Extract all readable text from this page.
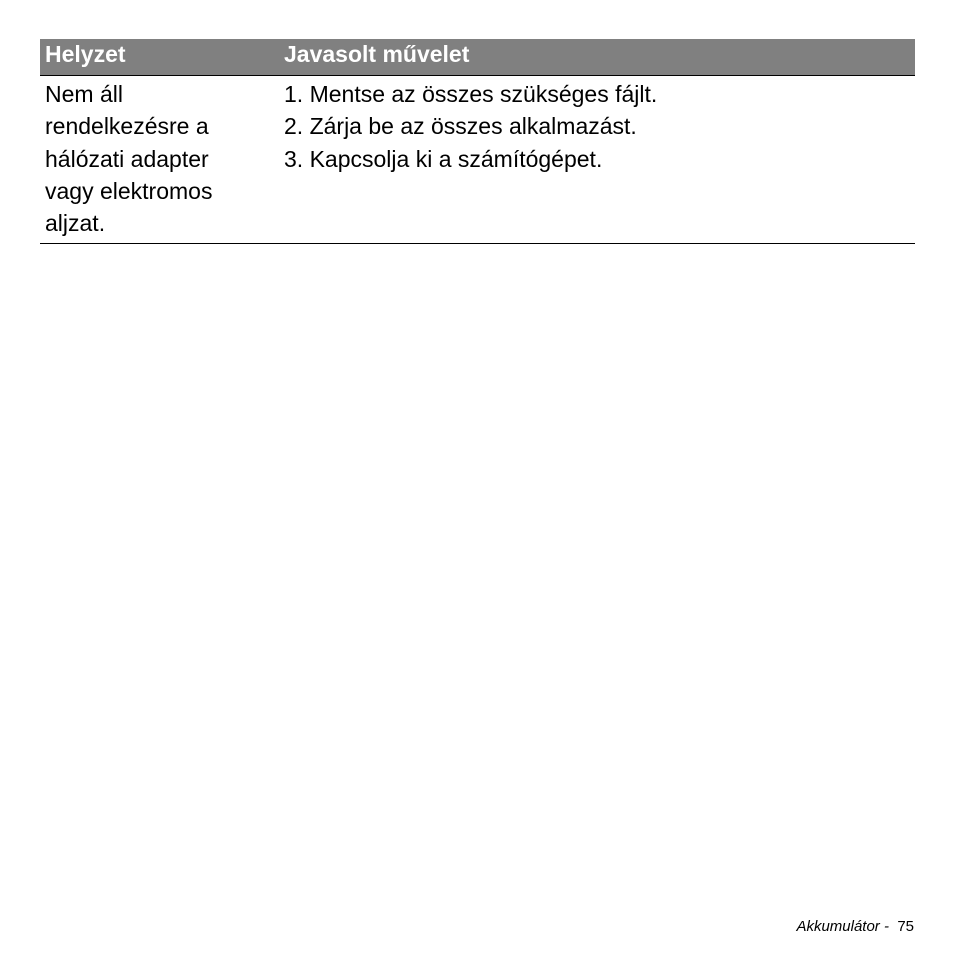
Helyzet	Javasolt művelet
Nem áll
rendelkezésre a
hálózati adapter
vagy elektromos
aljzat.
1. Mentse az összes szükséges fájlt.
2. Zárja be az összes alkalmazást.
3. Kapcsolja ki a számítógépet.
Akkumulátor - 75
